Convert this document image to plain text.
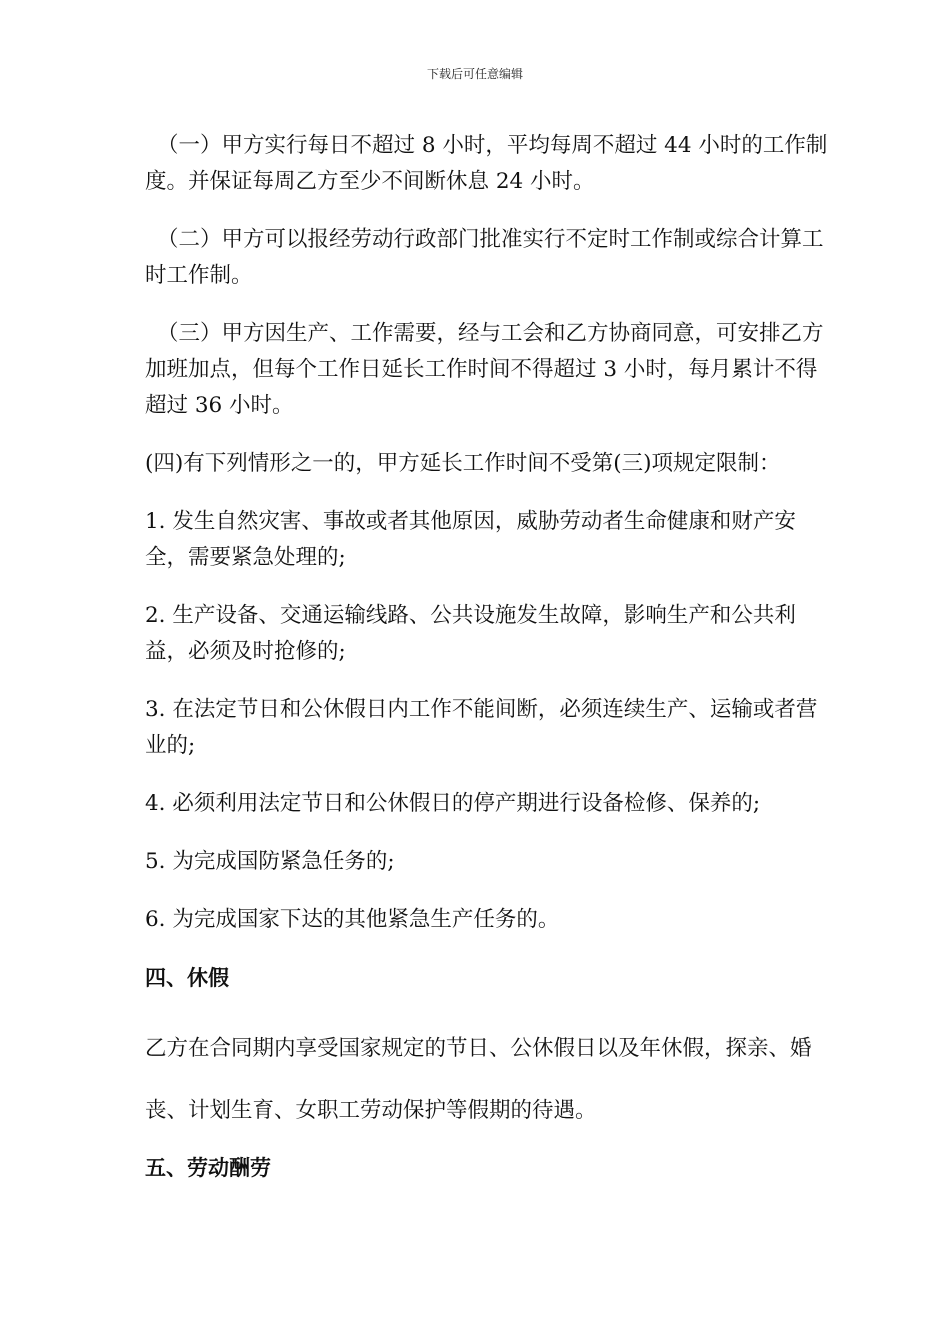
下载后可任意编辑

（一）甲方实行每日不超过 8 小时，平均每周不超过 44 小时的工作制度。并保证每周乙方至少不间断休息 24 小时。

（二）甲方可以报经劳动行政部门批准实行不定时工作制或综合计算工时工作制。

（三）甲方因生产、工作需要，经与工会和乙方协商同意，可安排乙方加班加点，但每个工作日延长工作时间不得超过 3 小时，每月累计不得超过 36 小时。

(四)有下列情形之一的，甲方延长工作时间不受第(三)项规定限制：

1. 发生自然灾害、事故或者其他原因，威胁劳动者生命健康和财产安全，需要紧急处理的;

2. 生产设备、交通运输线路、公共设施发生故障，影响生产和公共利益，必须及时抢修的;

3. 在法定节日和公休假日内工作不能间断，必须连续生产、运输或者营业的;

4. 必须利用法定节日和公休假日的停产期进行设备检修、保养的;

5. 为完成国防紧急任务的;

6. 为完成国家下达的其他紧急生产任务的。

四、休假

乙方在合同期内享受国家规定的节日、公休假日以及年休假，探亲、婚丧、计划生育、女职工劳动保护等假期的待遇。

五、劳动酬劳
